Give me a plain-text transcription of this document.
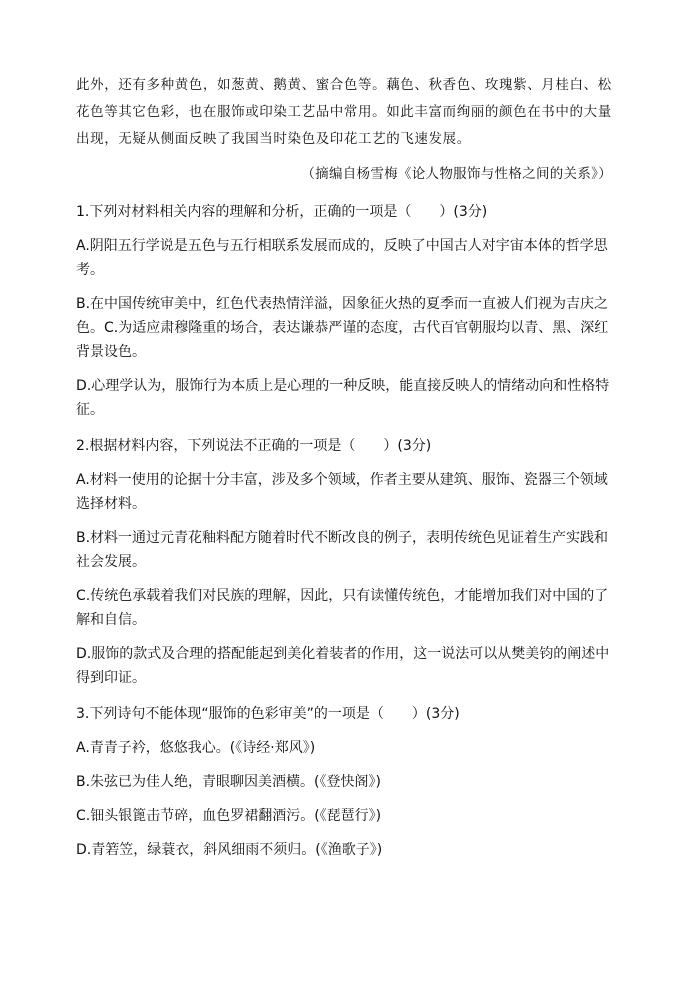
此外，还有多种黄色，如葱黄、鹅黄、蜜合色等。藕色、秋香色、玫瑰紫、月桂白、松花色等其它色彩，也在服饰或印染工艺品中常用。如此丰富而绚丽的颜色在书中的大量出现，无疑从侧面反映了我国当时染色及印花工艺的飞速发展。

（摘编自杨雪梅《论人物服饰与性格之间的关系》）

1.下列对材料相关内容的理解和分析，正确的一项是（　　）(3分)

A.阴阳五行学说是五色与五行相联系发展而成的，反映了中国古人对宇宙本体的哲学思考。

B.在中国传统审美中，红色代表热情洋溢，因象征火热的夏季而一直被人们视为吉庆之色。C.为适应肃穆隆重的场合，表达谦恭严谨的态度，古代百官朝服均以青、黑、深红背景设色。

D.心理学认为，服饰行为本质上是心理的一种反映，能直接反映人的情绪动向和性格特征。

2.根据材料内容，下列说法不正确的一项是（　　）(3分)

A.材料一使用的论据十分丰富，涉及多个领域，作者主要从建筑、服饰、瓷器三个领域选择材料。

B.材料一通过元青花釉料配方随着时代不断改良的例子，表明传统色见证着生产实践和社会发展。

C.传统色承载着我们对民族的理解，因此，只有读懂传统色，才能增加我们对中国的了解和自信。

D.服饰的款式及合理的搭配能起到美化着装者的作用，这一说法可以从樊美钧的阐述中得到印证。

3.下列诗句不能体现“服饰的色彩审美”的一项是（　　）(3分)

A.青青子衿，悠悠我心。(《诗经·郑风》)

B.朱弦已为佳人绝，青眼聊因美酒横。(《登快阁》)

C.钿头银篦击节碎，血色罗裙翻酒污。(《琵琶行》)

D.青箬笠，绿蓑衣，斜风细雨不须归。(《渔歌子》)
